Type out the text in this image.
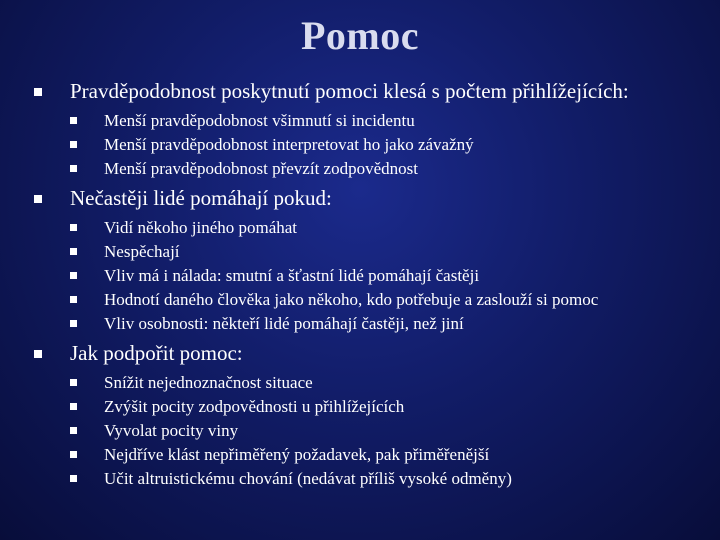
Pomoc
Pravděpodobnost poskytnutí pomoci klesá s počtem přihlížejících:
Menší pravděpodobnost všimnutí si incidentu
Menší pravděpodobnost interpretovat ho jako závažný
Menší pravděpodobnost převzít zodpovědnost
Nečastěji lidé pomáhají pokud:
Vidí někoho jiného pomáhat
Nespěchají
Vliv má i nálada: smutní a šťastní lidé pomáhají častěji
Hodnotí daného člověka jako někoho, kdo potřebuje a zaslouží si pomoc
Vliv osobnosti: někteří lidé pomáhají častěji, než jiní
Jak podpořit pomoc:
Snížit nejednoznačnost situace
Zvýšit pocity zodpovědnosti u přihlížejících
Vyvolat pocity viny
Nejdříve klást nepřiměřený požadavek, pak přiměřenější
Učit altruistickému chování (nedávat příliš vysoké odměny)
